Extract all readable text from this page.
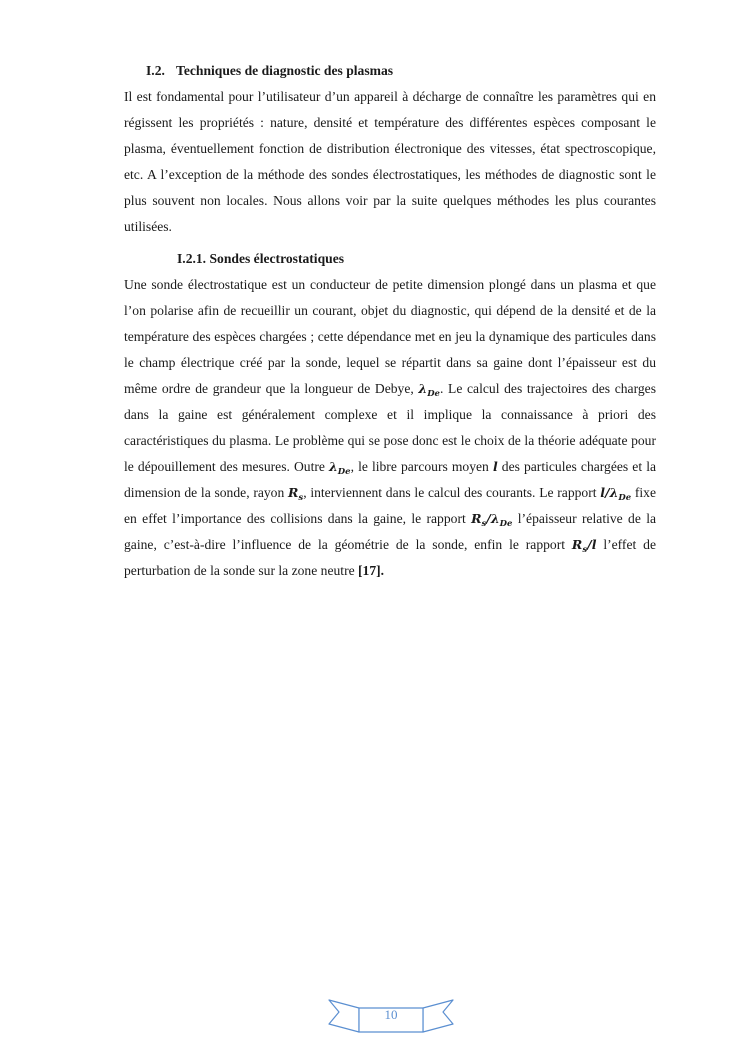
I.2. Techniques de diagnostic des plasmas

Il est fondamental pour l’utilisateur d’un appareil à décharge de connaître les paramètres qui en régissent les propriétés : nature, densité et température des différentes espèces composant le plasma, éventuellement fonction de distribution électronique des vitesses, état spectroscopique, etc. A l’exception de la méthode des sondes électrostatiques, les méthodes de diagnostic sont le plus souvent non locales. Nous allons voir par la suite quelques méthodes les plus courantes utilisées.

I.2.1. Sondes électrostatiques

Une sonde électrostatique est un conducteur de petite dimension plongé dans un plasma et que l’on polarise afin de recueillir un courant, objet du diagnostic, qui dépend de la densité et de la température des espèces chargées ; cette dépendance met en jeu la dynamique des particules dans le champ électrique créé par la sonde, lequel se répartit dans sa gaine dont l’épaisseur est du même ordre de grandeur que la longueur de Debye, $\lambda_{De}$. Le calcul des trajectoires des charges dans la gaine est généralement complexe et il implique la connaissance à priori des caractéristiques du plasma. Le problème qui se pose donc est le choix de la théorie adéquate pour le dépouillement des mesures. Outre $\lambda_{De}$, le libre parcours moyen l des particules chargées et la dimension de la sonde, rayon $R_s$, interviennent dans le calcul des courants. Le rapport $l/\lambda_{De}$ fixe en effet l’importance des collisions dans la gaine, le rapport $R_s/\lambda_{De}$ l’épaisseur relative de la gaine, c’est-à-dire l’influence de la géométrie de la sonde, enfin le rapport $R_s/l$ l’effet de perturbation de la sonde sur la zone neutre [17].

10
